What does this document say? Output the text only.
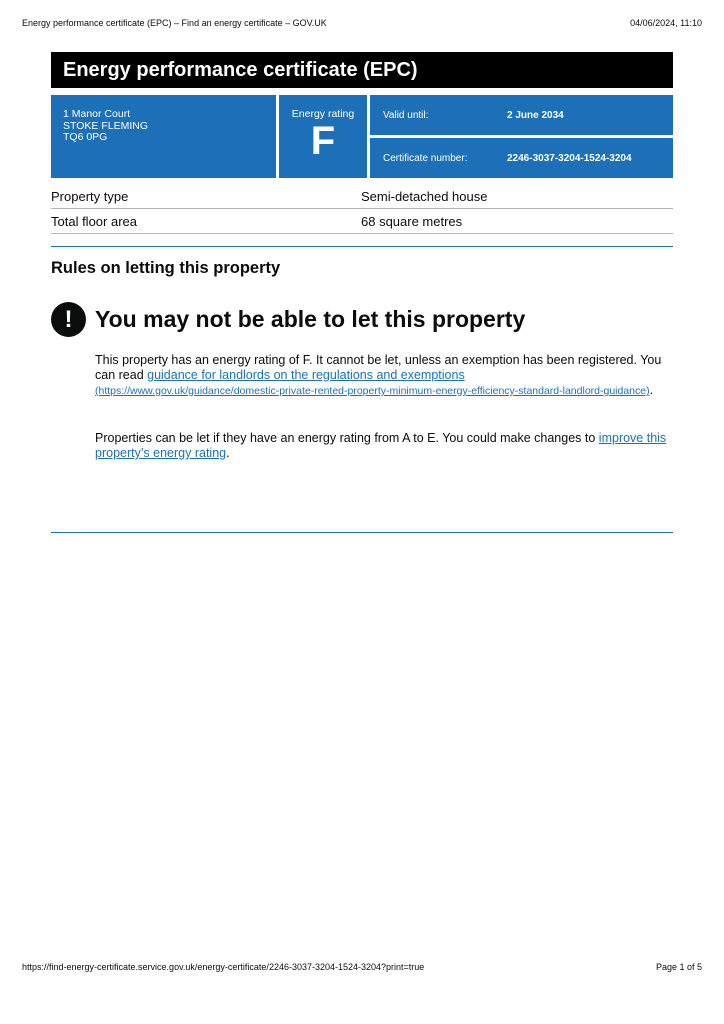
Energy performance certificate (EPC) – Find an energy certificate – GOV.UK	04/06/2024, 11:10
Energy performance certificate (EPC)
1 Manor Court
STOKE FLEMING
TQ6 0PG
Energy rating
F
Valid until:	2 June 2034
Certificate number:	2246-3037-3204-1524-3204
Property type	Semi-detached house
Total floor area	68 square metres
Rules on letting this property
! You may not be able to let this property
This property has an energy rating of F. It cannot be let, unless an exemption has been registered. You can read guidance for landlords on the regulations and exemptions
(https://www.gov.uk/guidance/domestic-private-rented-property-minimum-energy-efficiency-standard-landlord-guidance).
Properties can be let if they have an energy rating from A to E. You could make changes to improve this property’s energy rating.
https://find-energy-certificate.service.gov.uk/energy-certificate/2246-3037-3204-1524-3204?print=true	Page 1 of 5
